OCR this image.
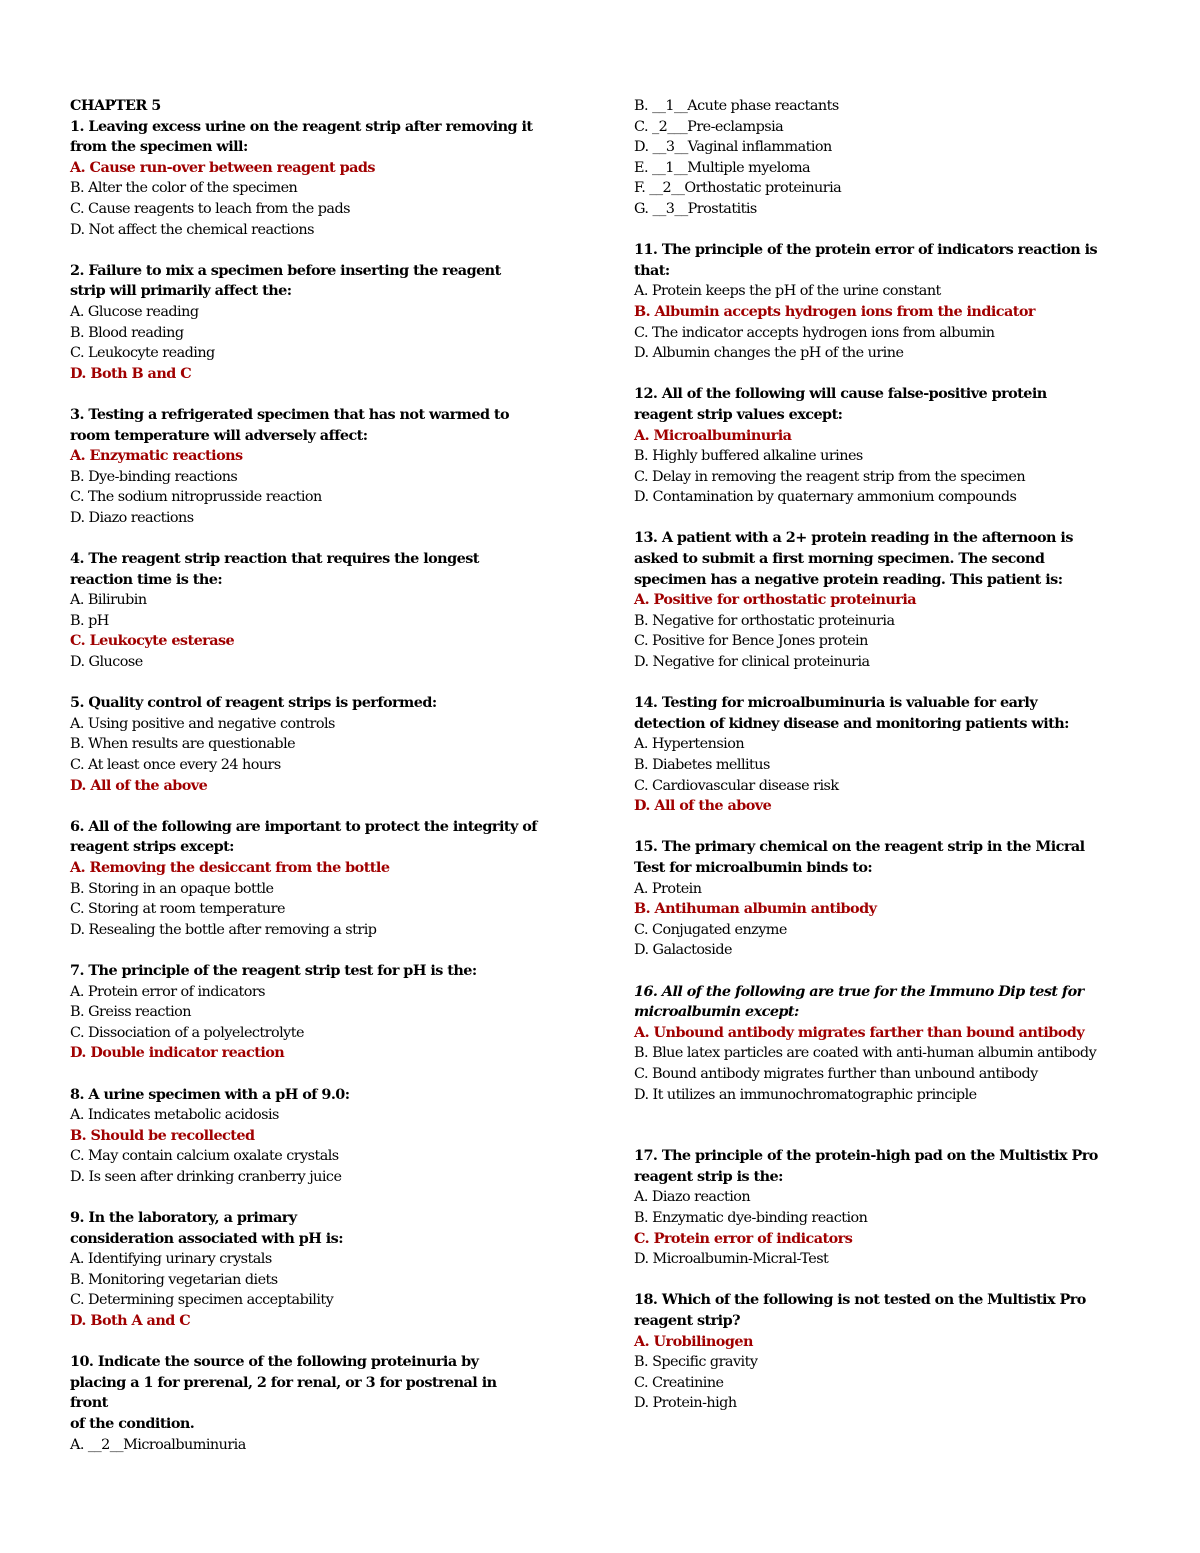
CHAPTER 5
1. Leaving excess urine on the reagent strip after removing it
from the specimen will:
A. Cause run-over between reagent pads
B. Alter the color of the specimen
C. Cause reagents to leach from the pads
D. Not affect the chemical reactions
2. Failure to mix a specimen before inserting the reagent
strip will primarily affect the:
A. Glucose reading
B. Blood reading
C. Leukocyte reading
D. Both B and C
3. Testing a refrigerated specimen that has not warmed to
room temperature will adversely affect:
A. Enzymatic reactions
B. Dye-binding reactions
C. The sodium nitroprusside reaction
D. Diazo reactions
4. The reagent strip reaction that requires the longest
reaction time is the:
A. Bilirubin
B. pH
C. Leukocyte esterase
D. Glucose
5. Quality control of reagent strips is performed:
A. Using positive and negative controls
B. When results are questionable
C. At least once every 24 hours
D. All of the above
6. All of the following are important to protect the integrity of
reagent strips except:
A. Removing the desiccant from the bottle
B. Storing in an opaque bottle
C. Storing at room temperature
D. Resealing the bottle after removing a strip
7. The principle of the reagent strip test for pH is the:
A. Protein error of indicators
B. Greiss reaction
C. Dissociation of a polyelectrolyte
D. Double indicator reaction
8. A urine specimen with a pH of 9.0:
A. Indicates metabolic acidosis
B. Should be recollected
C. May contain calcium oxalate crystals
D. Is seen after drinking cranberry juice
9. In the laboratory, a primary
consideration associated with pH is:
A. Identifying urinary crystals
B. Monitoring vegetarian diets
C. Determining specimen acceptability
D. Both A and C
10. Indicate the source of the following proteinuria by
placing a 1 for prerenal, 2 for renal, or 3 for postrenal in
front
of the condition.
A. __2__Microalbuminuria
B. __1__Acute phase reactants
C. _2___Pre-eclampsia
D. __3__Vaginal inflammation
E. __1__Multiple myeloma
F. __2__Orthostatic proteinuria
G. __3__Prostatitis
11. The principle of the protein error of indicators reaction is
that:
A. Protein keeps the pH of the urine constant
B. Albumin accepts hydrogen ions from the indicator
C. The indicator accepts hydrogen ions from albumin
D. Albumin changes the pH of the urine
12. All of the following will cause false-positive protein
reagent strip values except:
A. Microalbuminuria
B. Highly buffered alkaline urines
C. Delay in removing the reagent strip from the specimen
D. Contamination by quaternary ammonium compounds
13. A patient with a 2+ protein reading in the afternoon is
asked to submit a first morning specimen. The second
specimen has a negative protein reading. This patient is:
A. Positive for orthostatic proteinuria
B. Negative for orthostatic proteinuria
C. Positive for Bence Jones protein
D. Negative for clinical proteinuria
14. Testing for microalbuminuria is valuable for early
detection of kidney disease and monitoring patients with:
A. Hypertension
B. Diabetes mellitus
C. Cardiovascular disease risk
D. All of the above
15. The primary chemical on the reagent strip in the Micral
Test for microalbumin binds to:
A. Protein
B. Antihuman albumin antibody
C. Conjugated enzyme
D. Galactoside
16. All of the following are true for the Immuno Dip test for
microalbumin except:
A. Unbound antibody migrates farther than bound antibody
B. Blue latex particles are coated with anti-human albumin antibody
C. Bound antibody migrates further than unbound antibody
D. It utilizes an immunochromatographic principle
17. The principle of the protein-high pad on the Multistix Pro
reagent strip is the:
A. Diazo reaction
B. Enzymatic dye-binding reaction
C. Protein error of indicators
D. Microalbumin-Micral-Test
18. Which of the following is not tested on the Multistix Pro
reagent strip?
A. Urobilinogen
B. Specific gravity
C. Creatinine
D. Protein-high
